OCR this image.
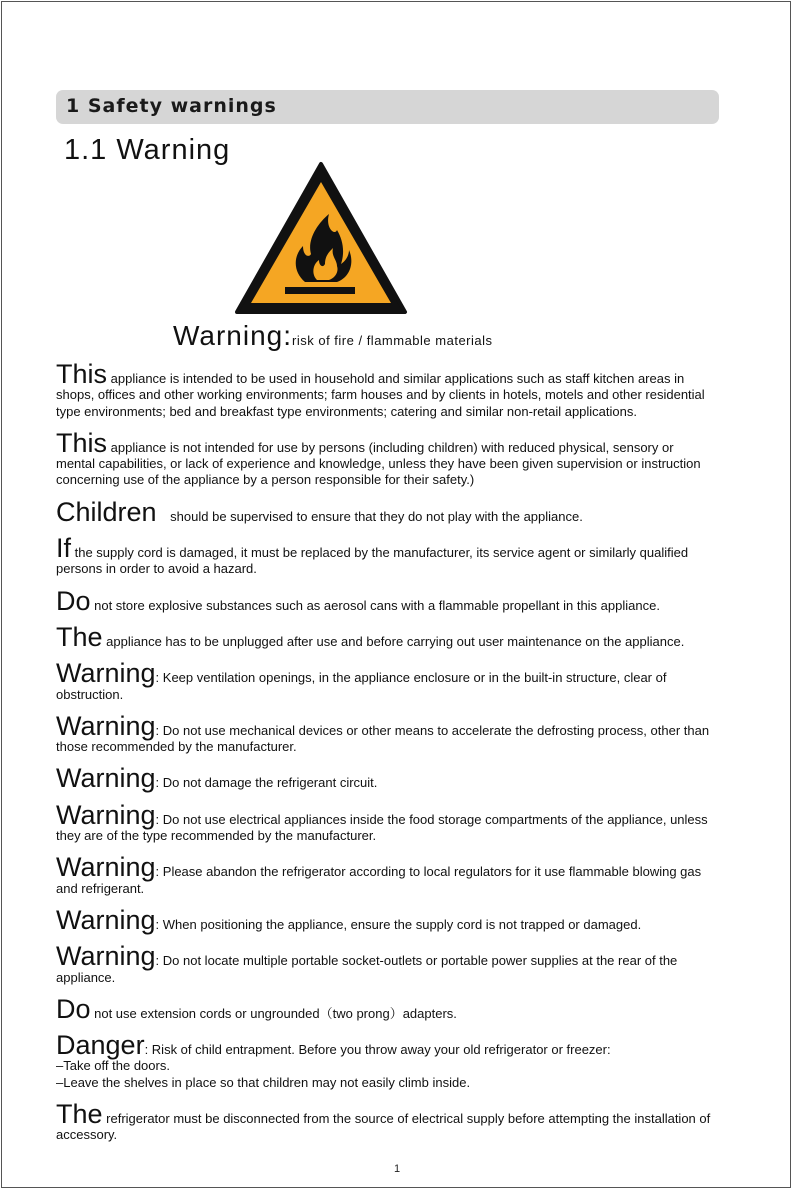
1 Safety warnings
1.1 Warning
Warning:risk of fire / flammable materials

This appliance is intended to be used in household and similar applications such as staff kitchen areas in shops, offices and other working environments; farm houses and by clients in hotels, motels and other residential type environments; bed and breakfast type environments; catering and similar non-retail applications.

This appliance is not intended for use by persons (including children) with reduced physical, sensory or mental capabilities, or lack of experience and knowledge, unless they have been given supervision or instruction concerning use of the appliance by a person responsible for their safety.)

Children should be supervised to ensure that they do not play with the appliance.

If the supply cord is damaged, it must be replaced by the manufacturer, its service agent or similarly qualified persons in order to avoid a hazard.

Do not store explosive substances such as aerosol cans with a flammable propellant in this appliance.

The appliance has to be unplugged after use and before carrying out user maintenance on the appliance.

Warning: Keep ventilation openings, in the appliance enclosure or in the built-in structure, clear of obstruction.

Warning: Do not use mechanical devices or other means to accelerate the defrosting process, other than those recommended by the manufacturer.

Warning: Do not damage the refrigerant circuit.

Warning: Do not use electrical appliances inside the food storage compartments of the appliance, unless they are of the type recommended by the manufacturer.

Warning: Please abandon the refrigerator according to local regulators for it use flammable blowing gas and refrigerant.

Warning: When positioning the appliance, ensure the supply cord is not trapped or damaged.

Warning: Do not locate multiple portable socket-outlets or portable power supplies at the rear of the appliance.

Do not use extension cords or ungrounded（two prong）adapters.

Danger: Risk of child entrapment. Before you throw away your old refrigerator or freezer:

–Take off the doors.

–Leave the shelves in place so that children may not easily climb inside.

The refrigerator must be disconnected from the source of electrical supply before attempting the installation of accessory.

1
